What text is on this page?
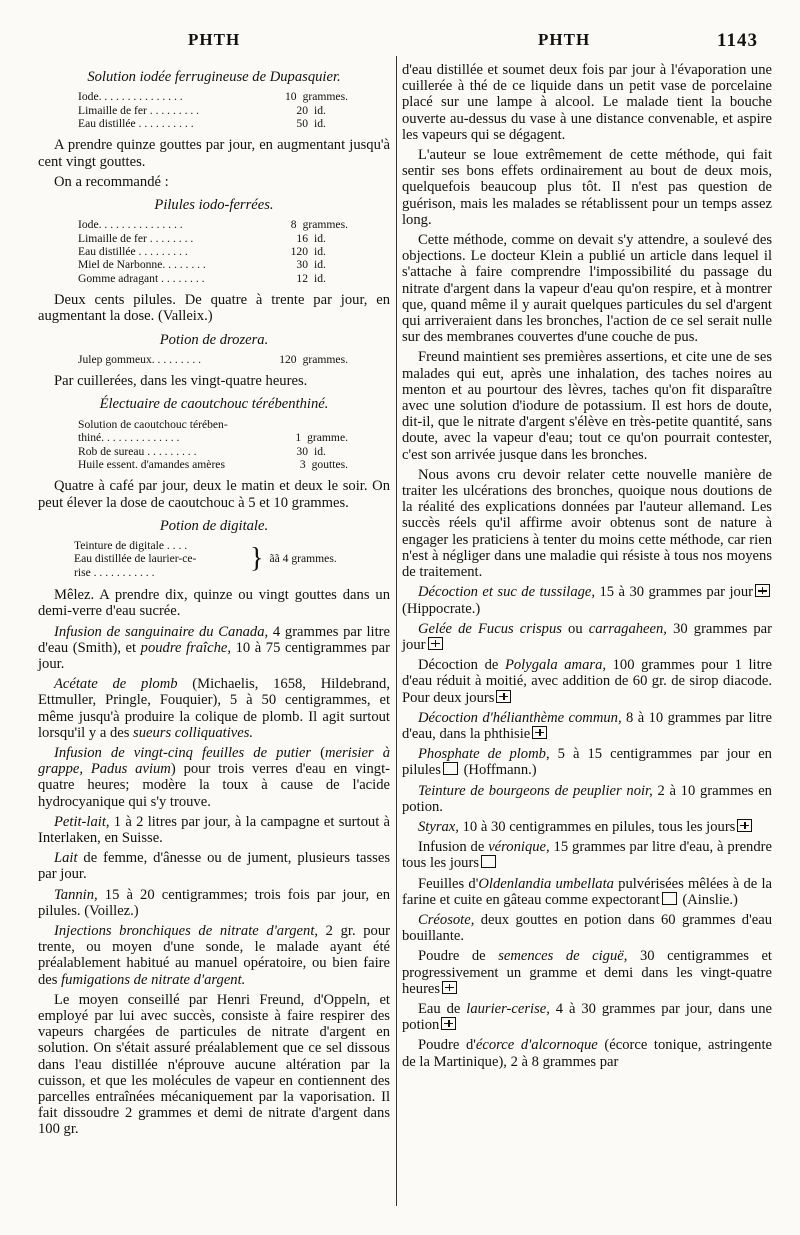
PHTH	PHTH	1143
Solution iodée ferrugineuse de Dupasquier.
Iode. . . . . . . . . . . . . . .	10 grammes.
Limaille de fer . . . . . . . . .	20 id.
Eau distillée . . . . . . . . . .	50 id.

A prendre quinze gouttes par jour, en augmentant jusqu'à cent vingt gouttes.

On a recommandé :

Pilules iodo-ferrées.
Iode. . . . . . . . . . . . . . .	8 grammes.
Limaille de fer . . . . . . . .	16 id.
Eau distillée . . . . . . . . .	120 id.
Miel de Narbonne. . . . . . . .	30 id.
Gomme adragant . . . . . . . .	12 id.

Deux cents pilules. De quatre à trente par jour, en augmentant la dose. (Valleix.)

Potion de drozera.
Julep gommeux. . . . . . . . .	120 grammes.

Par cuillerées, dans les vingt-quatre heures.

Électuaire de caoutchouc térébenthiné.
Solution de caoutchouc térében-
thiné. . . . . . . . . . . . . .	1 gramme.
Rob de sureau . . . . . . . . .	30 id.
Huile essent. d'amandes amères	3 gouttes.

Quatre à café par jour, deux le matin et deux le soir. On peut élever la dose de caoutchouc à 5 et 10 grammes.

Potion de digitale.
Teinture de digitale . . . .
Eau distillée de laurier-ce-
rise . . . . . . . . . . .	} ãã 4 grammes.

Mêlez. A prendre dix, quinze ou vingt gouttes dans un demi-verre d'eau sucrée.

Infusion de sanguinaire du Canada, 4 grammes par litre d'eau (Smith), et poudre fraîche, 10 à 75 centigrammes par jour.

Acétate de plomb (Michaelis, 1658, Hildebrand, Ettmuller, Pringle, Fouquier), 5 à 50 centigrammes, et même jusqu'à produire la colique de plomb. Il agit surtout lorsqu'il y a des sueurs colliquatives.

Infusion de vingt-cinq feuilles de putier (merisier à grappe, Padus avium) pour trois verres d'eau en vingt-quatre heures; modère la toux à cause de l'acide hydrocyanique qui s'y trouve.

Petit-lait, 1 à 2 litres par jour, à la campagne et surtout à Interlaken, en Suisse.

Lait de femme, d'ânesse ou de jument, plusieurs tasses par jour.

Tannin, 15 à 20 centigrammes; trois fois par jour, en pilules. (Voillez.)

Injections bronchiques de nitrate d'argent, 2 gr. pour trente, ou moyen d'une sonde, le malade ayant été préalablement habitué au manuel opératoire, ou bien faire des fumigations de nitrate d'argent.

Le moyen conseillé par Henri Freund, d'Oppeln, et employé par lui avec succès, consiste à faire respirer des vapeurs chargées de particules de nitrate d'argent en solution. On s'était assuré préalablement que ce sel dissous dans l'eau distillée n'éprouve aucune altération par la cuisson, et que les molécules de vapeur en contiennent des parcelles entraînées mécaniquement par la vaporisation. Il fait dissoudre 2 grammes et demi de nitrate d'argent dans 100 gr.

d'eau distillée et soumet deux fois par jour à l'évaporation une cuillerée à thé de ce liquide dans un petit vase de porcelaine placé sur une lampe à alcool. Le malade tient la bouche ouverte au-dessus du vase à une distance convenable, et aspire les vapeurs qui se dégagent.

L'auteur se loue extrêmement de cette méthode, qui fait sentir ses bons effets ordinairement au bout de deux mois, quelquefois beaucoup plus tôt. Il n'est pas question de guérison, mais les malades se rétablissent pour un temps assez long.

Cette méthode, comme on devait s'y attendre, a soulevé des objections. Le docteur Klein a publié un article dans lequel il s'attache à faire comprendre l'impossibilité du passage du nitrate d'argent dans la vapeur d'eau qu'on respire, et à montrer que, quand même il y aurait quelques particules du sel d'argent qui arriveraient dans les bronches, l'action de ce sel serait nulle sur des membranes couvertes d'une couche de pus.

Freund maintient ses premières assertions, et cite une de ses malades qui eut, après une inhalation, des taches noires au menton et au pourtour des lèvres, taches qu'on fit disparaître avec une solution d'iodure de potassium. Il est hors de doute, dit-il, que le nitrate d'argent s'élève en très-petite quantité, sans doute, avec la vapeur d'eau; tout ce qu'on pourrait contester, c'est son arrivée jusque dans les bronches.

Nous avons cru devoir relater cette nouvelle manière de traiter les ulcérations des bronches, quoique nous doutions de la réalité des explications données par l'auteur allemand. Les succès réels qu'il affirme avoir obtenus sont de nature à engager les praticiens à tenter du moins cette méthode, car rien n'est à négliger dans une maladie qui résiste à tous nos moyens de traitement.

Décoction et suc de tussilage, 15 à 30 grammes par jour (Hippocrate.)

Gelée de Fucus crispus ou carragaheen, 30 grammes par jour

Décoction de Polygala amara, 100 grammes pour 1 litre d'eau réduit à moitié, avec addition de 60 gr. de sirop diacode. Pour deux jours

Décoction d'hélianthème commun, 8 à 10 grammes par litre d'eau, dans la phthisie

Phosphate de plomb, 5 à 15 centigrammes par jour en pilules (Hoffmann.)

Teinture de bourgeons de peuplier noir, 2 à 10 grammes en potion.

Styrax, 10 à 30 centigrammes en pilules, tous les jours

Infusion de véronique, 15 grammes par litre d'eau, à prendre tous les jours

Feuilles d'Oldenlandia umbellata pulvérisées mêlées à de la farine et cuite en gâteau comme expectorant (Ainslie.)

Créosote, deux gouttes en potion dans 60 grammes d'eau bouillante.

Poudre de semences de ciguë, 30 centigrammes et progressivement un gramme et demi dans les vingt-quatre heures

Eau de laurier-cerise, 4 à 30 grammes par jour, dans une potion

Poudre d'écorce d'alcornoque (écorce tonique, astringente de la Martinique), 2 à 8 grammes par
